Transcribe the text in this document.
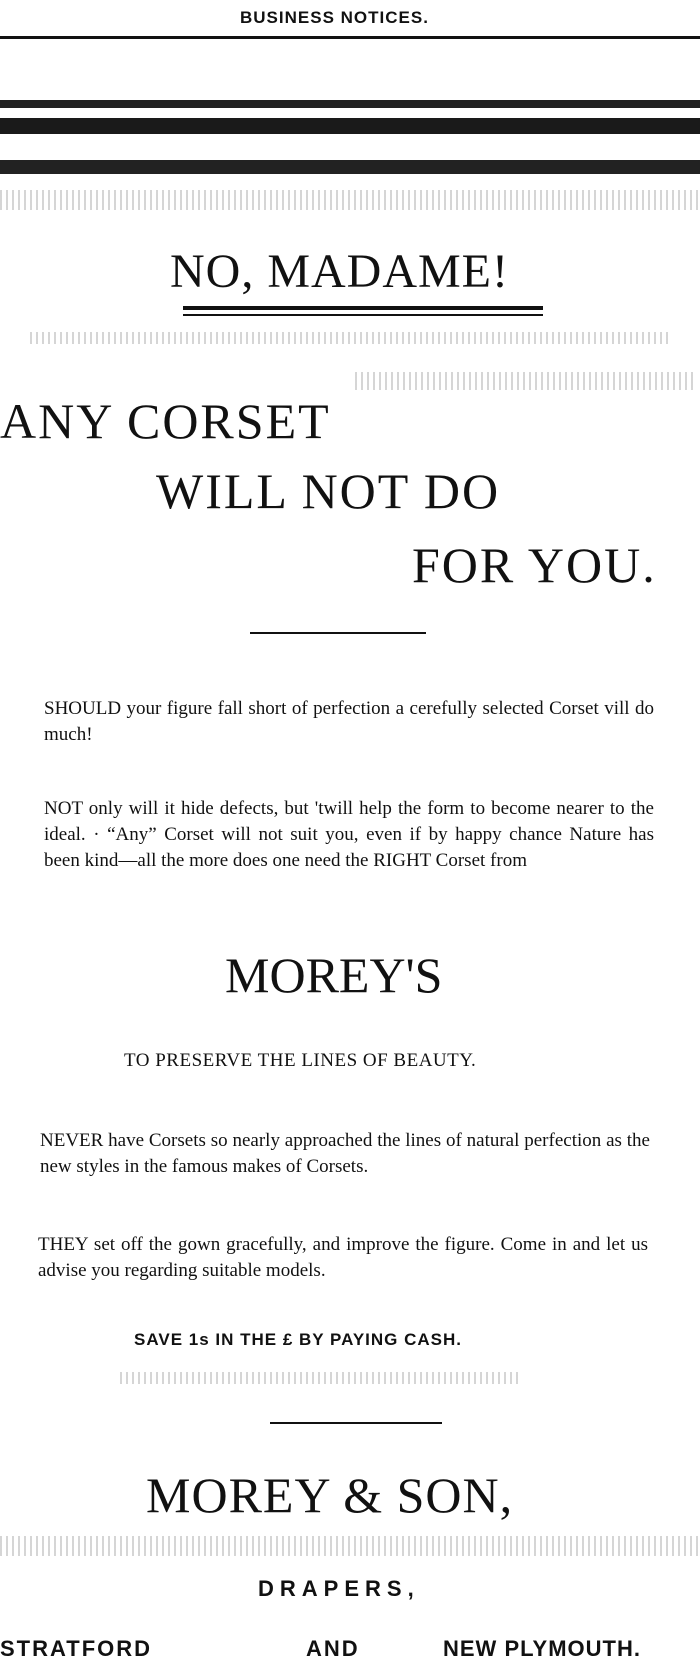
BUSINESS NOTICES.
NO, MADAME!
ANY CORSET
WILL NOT DO
FOR YOU.
SHOULD your figure fall short of perfection a cerefully selected Corset vill do much!
NOT only will it hide defects, but 'twill help the form to become nearer to the ideal. · “Any” Corset will not suit you, even if by happy chance Nature has been kind—all the more does one need the RIGHT Corset from
MOREY'S
TO PRESERVE THE LINES OF BEAUTY.
NEVER have Corsets so nearly approached the lines of natural perfection as the new styles in the famous makes of Corsets.
THEY set off the gown gracefully, and improve the figure. Come in and let us advise you regarding suitable models.
SAVE 1s IN THE £ BY PAYING CASH.
MOREY & SON,
DRAPERS,
STRATFORD	AND	NEW PLYMOUTH.
